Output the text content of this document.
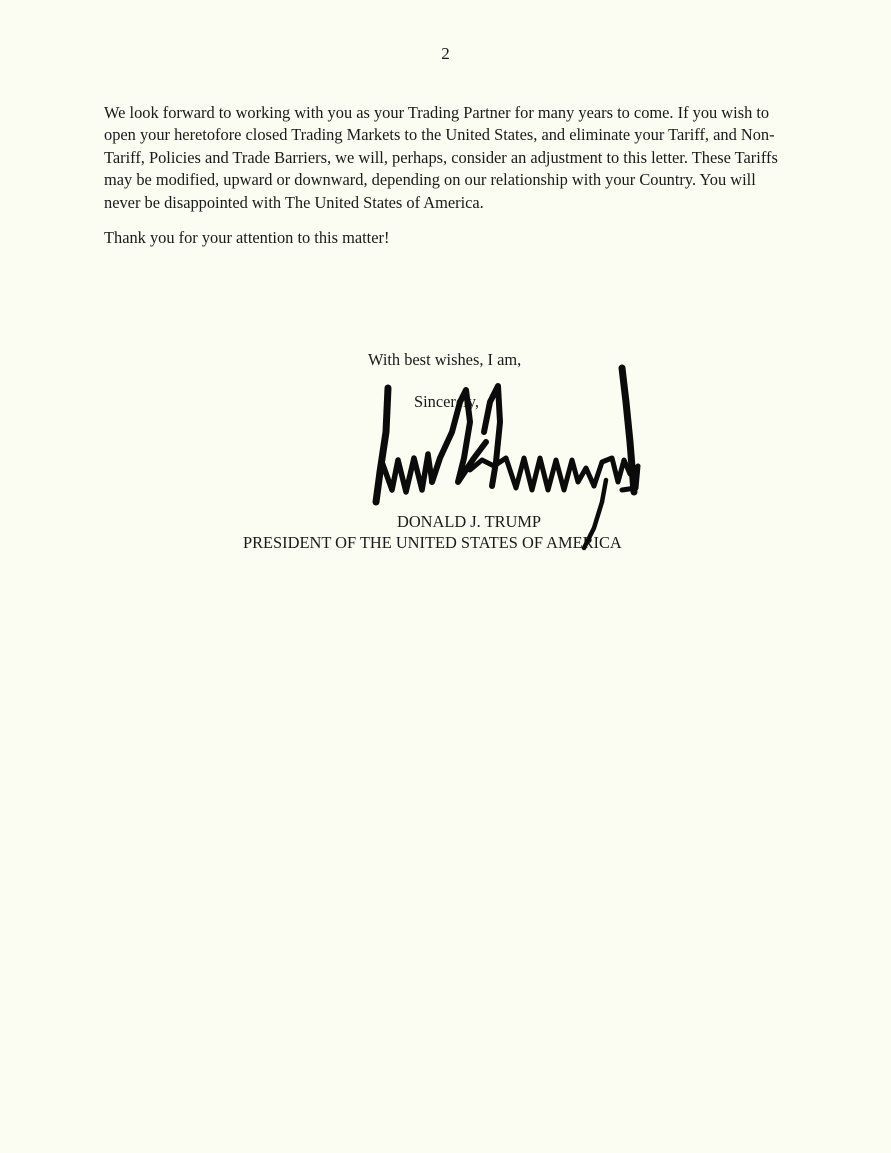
2

We look forward to working with you as your Trading Partner for many years to come. If you wish to open your heretofore closed Trading Markets to the United States, and eliminate your Tariff, and Non-Tariff, Policies and Trade Barriers, we will, perhaps, consider an adjustment to this letter. These Tariffs may be modified, upward or downward, depending on our relationship with your Country. You will never be disappointed with The United States of America.

Thank you for your attention to this matter!

With best wishes, I am,
Sincerely,
DONALD J. TRUMP
PRESIDENT OF THE UNITED STATES OF AMERICA
